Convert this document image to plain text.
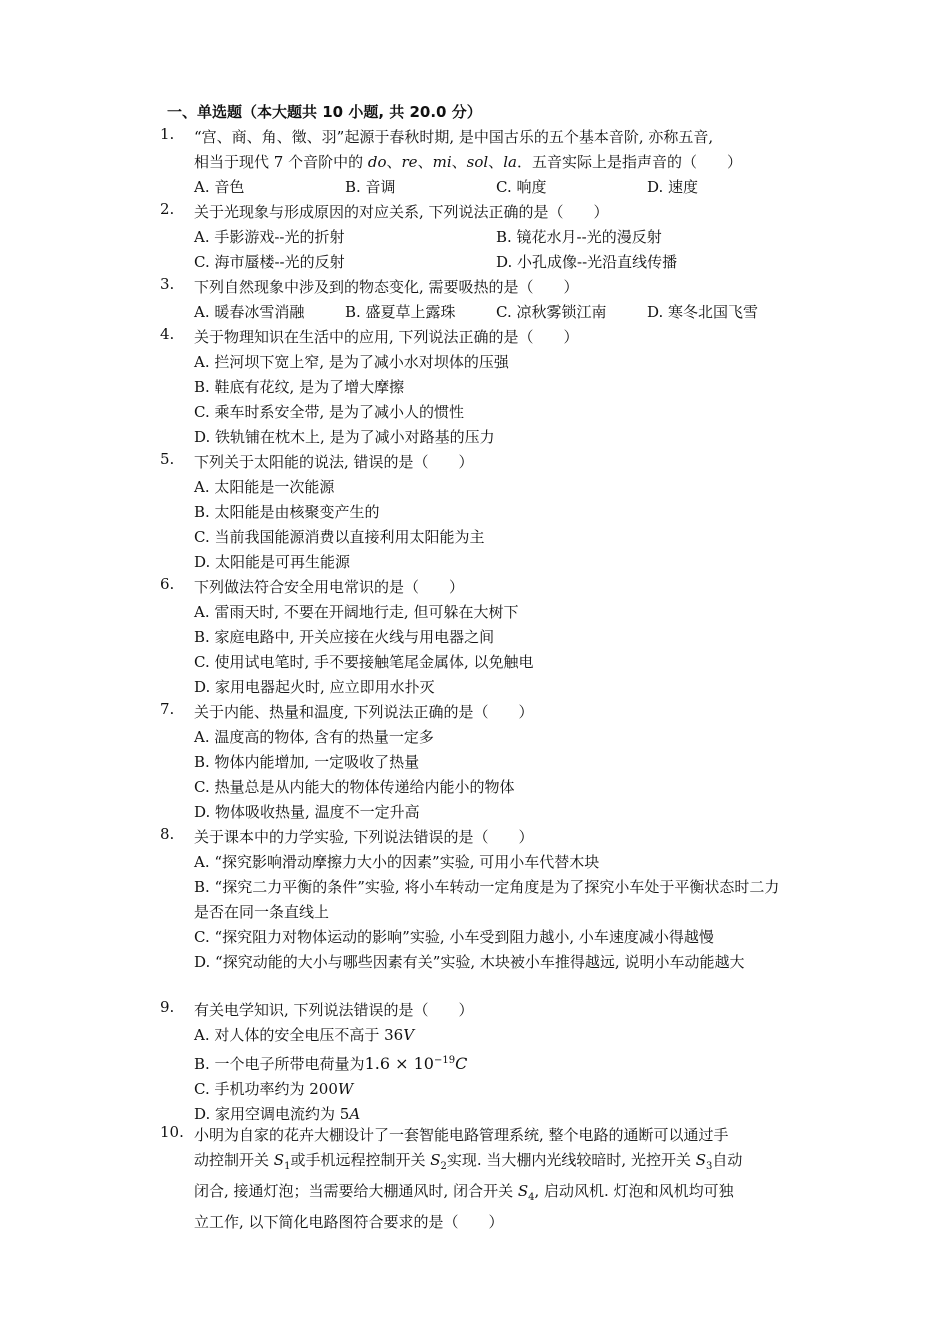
一、单选题（本大题共 10 小题, 共 20.0 分）
1.	“宫、商、角、徵、羽”起源于春秋时期, 是中国古乐的五个基本音阶, 亦称五音,
相当于现代 7 个音阶中的 do、re、mi、sol、la．五音实际上是指声音的（　　）
A. 音色	B. 音调	C. 响度	D. 速度
2.	关于光现象与形成原因的对应关系, 下列说法正确的是（　　）
A. 手影游戏--光的折射	B. 镜花水月--光的漫反射
C. 海市蜃楼--光的反射	D. 小孔成像--光沿直线传播
3.	下列自然现象中涉及到的物态变化, 需要吸热的是（　　）
A. 暖春冰雪消融	B. 盛夏草上露珠	C. 凉秋雾锁江南	D. 寒冬北国飞雪
4.	关于物理知识在生活中的应用, 下列说法正确的是（　　）
A. 拦河坝下宽上窄, 是为了减小水对坝体的压强
B. 鞋底有花纹, 是为了增大摩擦
C. 乘车时系安全带, 是为了减小人的惯性
D. 铁轨铺在枕木上, 是为了减小对路基的压力
5.	下列关于太阳能的说法, 错误的是（　　）
A. 太阳能是一次能源
B. 太阳能是由核聚变产生的
C. 当前我国能源消费以直接利用太阳能为主
D. 太阳能是可再生能源
6.	下列做法符合安全用电常识的是（　　）
A. 雷雨天时, 不要在开阔地行走, 但可躲在大树下
B. 家庭电路中, 开关应接在火线与用电器之间
C. 使用试电笔时, 手不要接触笔尾金属体, 以免触电
D. 家用电器起火时, 应立即用水扑灭
7.	关于内能、热量和温度, 下列说法正确的是（　　）
A. 温度高的物体, 含有的热量一定多
B. 物体内能增加, 一定吸收了热量
C. 热量总是从内能大的物体传递给内能小的物体
D. 物体吸收热量, 温度不一定升高
8.	关于课本中的力学实验, 下列说法错误的是（　　）
A. “探究影响滑动摩擦力大小的因素”实验, 可用小车代替木块
B. “探究二力平衡的条件”实验, 将小车转动一定角度是为了探究小车处于平衡状态时二力是否在同一条直线上
C. “探究阻力对物体运动的影响”实验, 小车受到阻力越小, 小车速度减小得越慢
D. “探究动能的大小与哪些因素有关”实验, 木块被小车推得越远, 说明小车动能越大
9.	有关电学知识, 下列说法错误的是（　　）
A. 对人体的安全电压不高于 36V
B. 一个电子所带电荷量为$1.6 \times 10^{-19}C$
C. 手机功率约为 200W
D. 家用空调电流约为 5A
10. 小明为自家的花卉大棚设计了一套智能电路管理系统, 整个电路的通断可以通过手
动控制开关 $S_1$或手机远程控制开关 $S_2$实现. 当大棚内光线较暗时, 光控开关 $S_3$自动
闭合, 接通灯泡；当需要给大棚通风时, 闭合开关 $S_4$, 启动风机. 灯泡和风机均可独
立工作, 以下简化电路图符合要求的是（　　）
